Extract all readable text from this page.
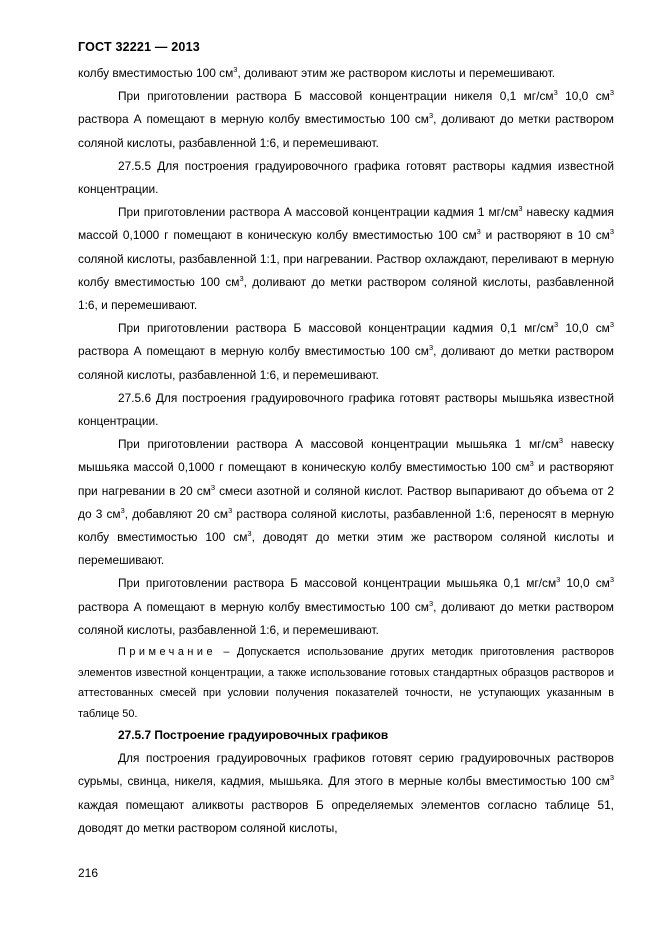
ГОСТ 32221 — 2013

колбу вместимостью 100 $см^3$, доливают этим же раствором кислоты и перемешивают.

При приготовлении раствора Б массовой концентрации никеля 0,1 $мг/см^3$ 10,0 $см^3$ раствора А помещают в мерную колбу вместимостью 100 $см^3$, доливают до метки раствором соляной кислоты, разбавленной 1:6, и перемешивают.

27.5.5 Для построения градуировочного графика готовят растворы кадмия известной концентрации.

При приготовлении раствора А массовой концентрации кадмия 1 $мг/см^3$ навеску кадмия массой 0,1000 г помещают в коническую колбу вместимостью 100 $см^3$ и растворяют в 10 $см^3$ соляной кислоты, разбавленной 1:1, при нагревании. Раствор охлаждают, переливают в мерную колбу вместимостью 100 $см^3$, доливают до метки раствором соляной кислоты, разбавленной 1:6, и перемешивают.

При приготовлении раствора Б массовой концентрации кадмия 0,1 $мг/см^3$ 10,0 $см^3$ раствора А помещают в мерную колбу вместимостью 100 $см^3$, доливают до метки раствором соляной кислоты, разбавленной 1:6, и перемешивают.

27.5.6 Для построения градуировочного графика готовят растворы мышьяка известной концентрации.

При приготовлении раствора А массовой концентрации мышьяка 1 $мг/см^3$ навеску мышьяка массой 0,1000 г помещают в коническую колбу вместимостью 100 $см^3$ и растворяют при нагревании в 20 $см^3$ смеси азотной и соляной кислот. Раствор выпаривают до объема от 2 до 3 $см^3$, добавляют 20 $см^3$ раствора соляной кислоты, разбавленной 1:6, переносят в мерную колбу вместимостью 100 $см^3$, доводят до метки этим же раствором соляной кислоты и перемешивают.

При приготовлении раствора Б массовой концентрации мышьяка 0,1 $мг/см^3$ 10,0 $см^3$ раствора А помещают в мерную колбу вместимостью 100 $см^3$, доливают до метки раствором соляной кислоты, разбавленной 1:6, и перемешивают.

Примечание – Допускается использование других методик приготовления растворов элементов известной концентрации, а также использование готовых стандартных образцов растворов и аттестованных смесей при условии получения показателей точности, не уступающих указанным в таблице 50.

27.5.7 Построение градуировочных графиков

Для построения градуировочных графиков готовят серию градуировочных растворов сурьмы, свинца, никеля, кадмия, мышьяка. Для этого в мерные колбы вместимостью 100 $см^3$ каждая помещают аликвоты растворов Б определяемых элементов согласно таблице 51, доводят до метки раствором соляной кислоты,

216
